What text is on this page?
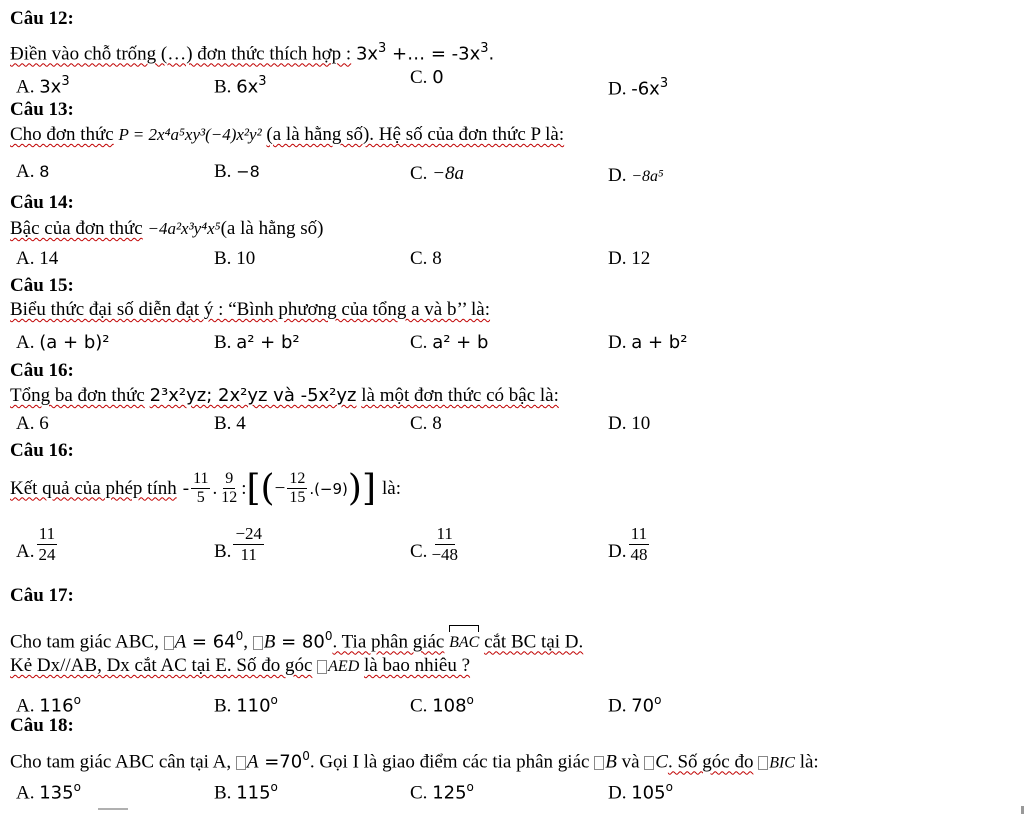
Câu 12:
Điền vào chỗ trống (…) đơn thức thích hợp : $3x^3$ +… = $-3x^3$.
A. $3x^3$	B. $6x^3$	C. 0
D. $-6x^3$
Câu 13:
Cho đơn thức P = 2x⁴a⁵xy³(−4)x²y² (a là hằng số). Hệ số của đơn thức P là:
A. 8	B. −8	C. −8a	D. −8a⁵
Câu 14:
Bậc của đơn thức −4a²x³y⁴x⁵(a là hằng số)
A. 14	B. 10	C. 8	D. 12
Câu 15:
Biểu thức đại số diễn đạt ý : “Bình phương của tổng a và b’’ là:
A. (a + b)²	B. a² + b²	C. a² + b	D. a + b²
Câu 16:
Tổng ba đơn thức 2³x²yz; 2x²yz và -5x²yz là một đơn thức có bậc là:
A. 6	B. 4	C. 8	D. 10
Câu 16:
Kết quả của phép tính - $\frac{11}{5}$ . $\frac{9}{12}$ : [ ( − $\frac{12}{15} .(-9)$ ) ] là:
A. $\frac{11}{24}$	B. $\frac{-24}{11}$	C. $\frac{11}{-48}$	D. $\frac{11}{48}$
Câu 17:
Cho tam giác ABC, $A = 64^0$, $B = 80^0$. Tia phân giác BAC cắt BC tại D.
Kẻ Dx//AB, Dx cắt AC tại E. Số đo góc AED là bao nhiêu ?
A. 116$^o$	B. 110$^o$	C. 108$^o$	D. 70$^o$
Câu 18:
Cho tam giác ABC cân tại A, $A =70^0$. Gọi I là giao điểm các tia phân giác B và C. Số góc đo BIC là:
A. 135$^o$	B. 115$^o$	C. 125$^o$	D. 105$^o$
